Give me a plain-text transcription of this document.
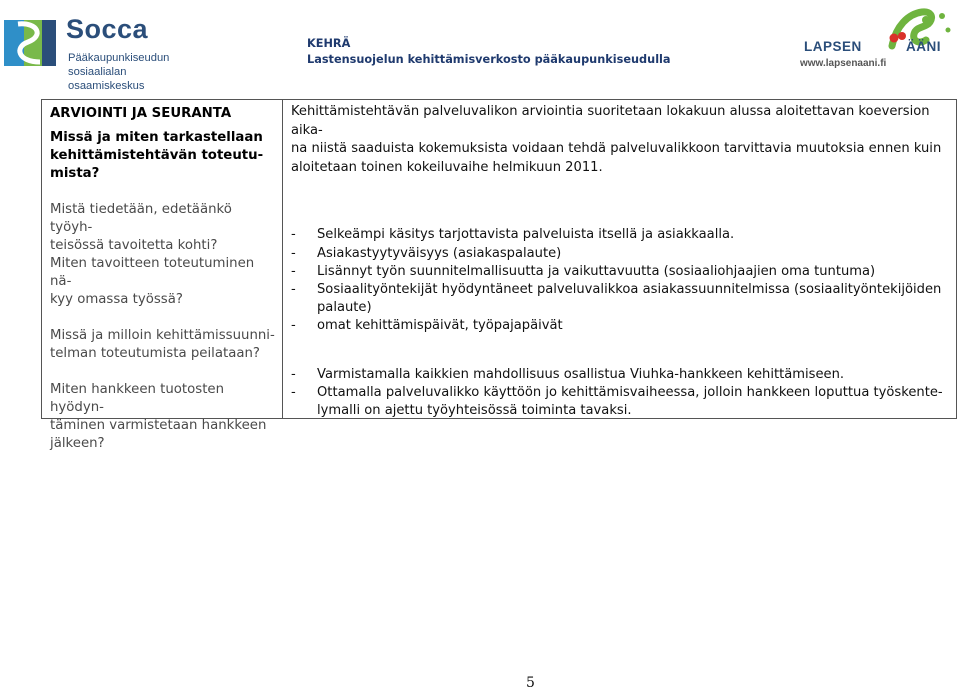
Socca
Pääkaupunkiseudun
sosiaalialan osaamiskeskus
KEHRÄ
Lastensuojelun kehittämisverkosto pääkaupunkiseudulla
LAPSEN	ÄÄNI
www.lapsenaani.fi

ARVIOINTI JA SEURANTA

Missä ja miten tarkastellaan

kehittämistehtävän toteutu-

mista?

Mistä tiedetään, edetäänkö työyh-

teisössä tavoitetta kohti?

Miten tavoitteen toteutuminen nä-

kyy omassa työssä?

Missä ja milloin kehittämissuunni-

telman toteutumista peilataan?

Miten hankkeen tuotosten hyödyn-

täminen varmistetaan hankkeen

jälkeen?

Kehittämistehtävän palveluvalikon arviointia suoritetaan lokakuun alussa aloitettavan koeversion aika-

na niistä saaduista kokemuksista voidaan tehdä palveluvalikkoon tarvittavia muutoksia ennen kuin

aloitetaan toinen kokeiluvaihe helmikuun 2011.

- Selkeämpi käsitys tarjottavista palveluista itsellä ja asiakkaalla.
- Asiakastyytyväisyys (asiakaspalaute)
- Lisännyt työn suunnitelmallisuutta ja vaikuttavuutta (sosiaaliohjaajien oma tuntuma)
- Sosiaalityöntekijät hyödyntäneet palveluvalikkoa asiakassuunnitelmissa (sosiaalityöntekijöiden
palaute)
- omat kehittämispäivät, työpajapäivät
- Varmistamalla kaikkien mahdollisuus osallistua Viuhka-hankkeen kehittämiseen.
- Ottamalla palveluvalikko käyttöön jo kehittämisvaiheessa, jolloin hankkeen loputtua työskente-
lymalli on ajettu työyhteisössä toiminta tavaksi.
5
